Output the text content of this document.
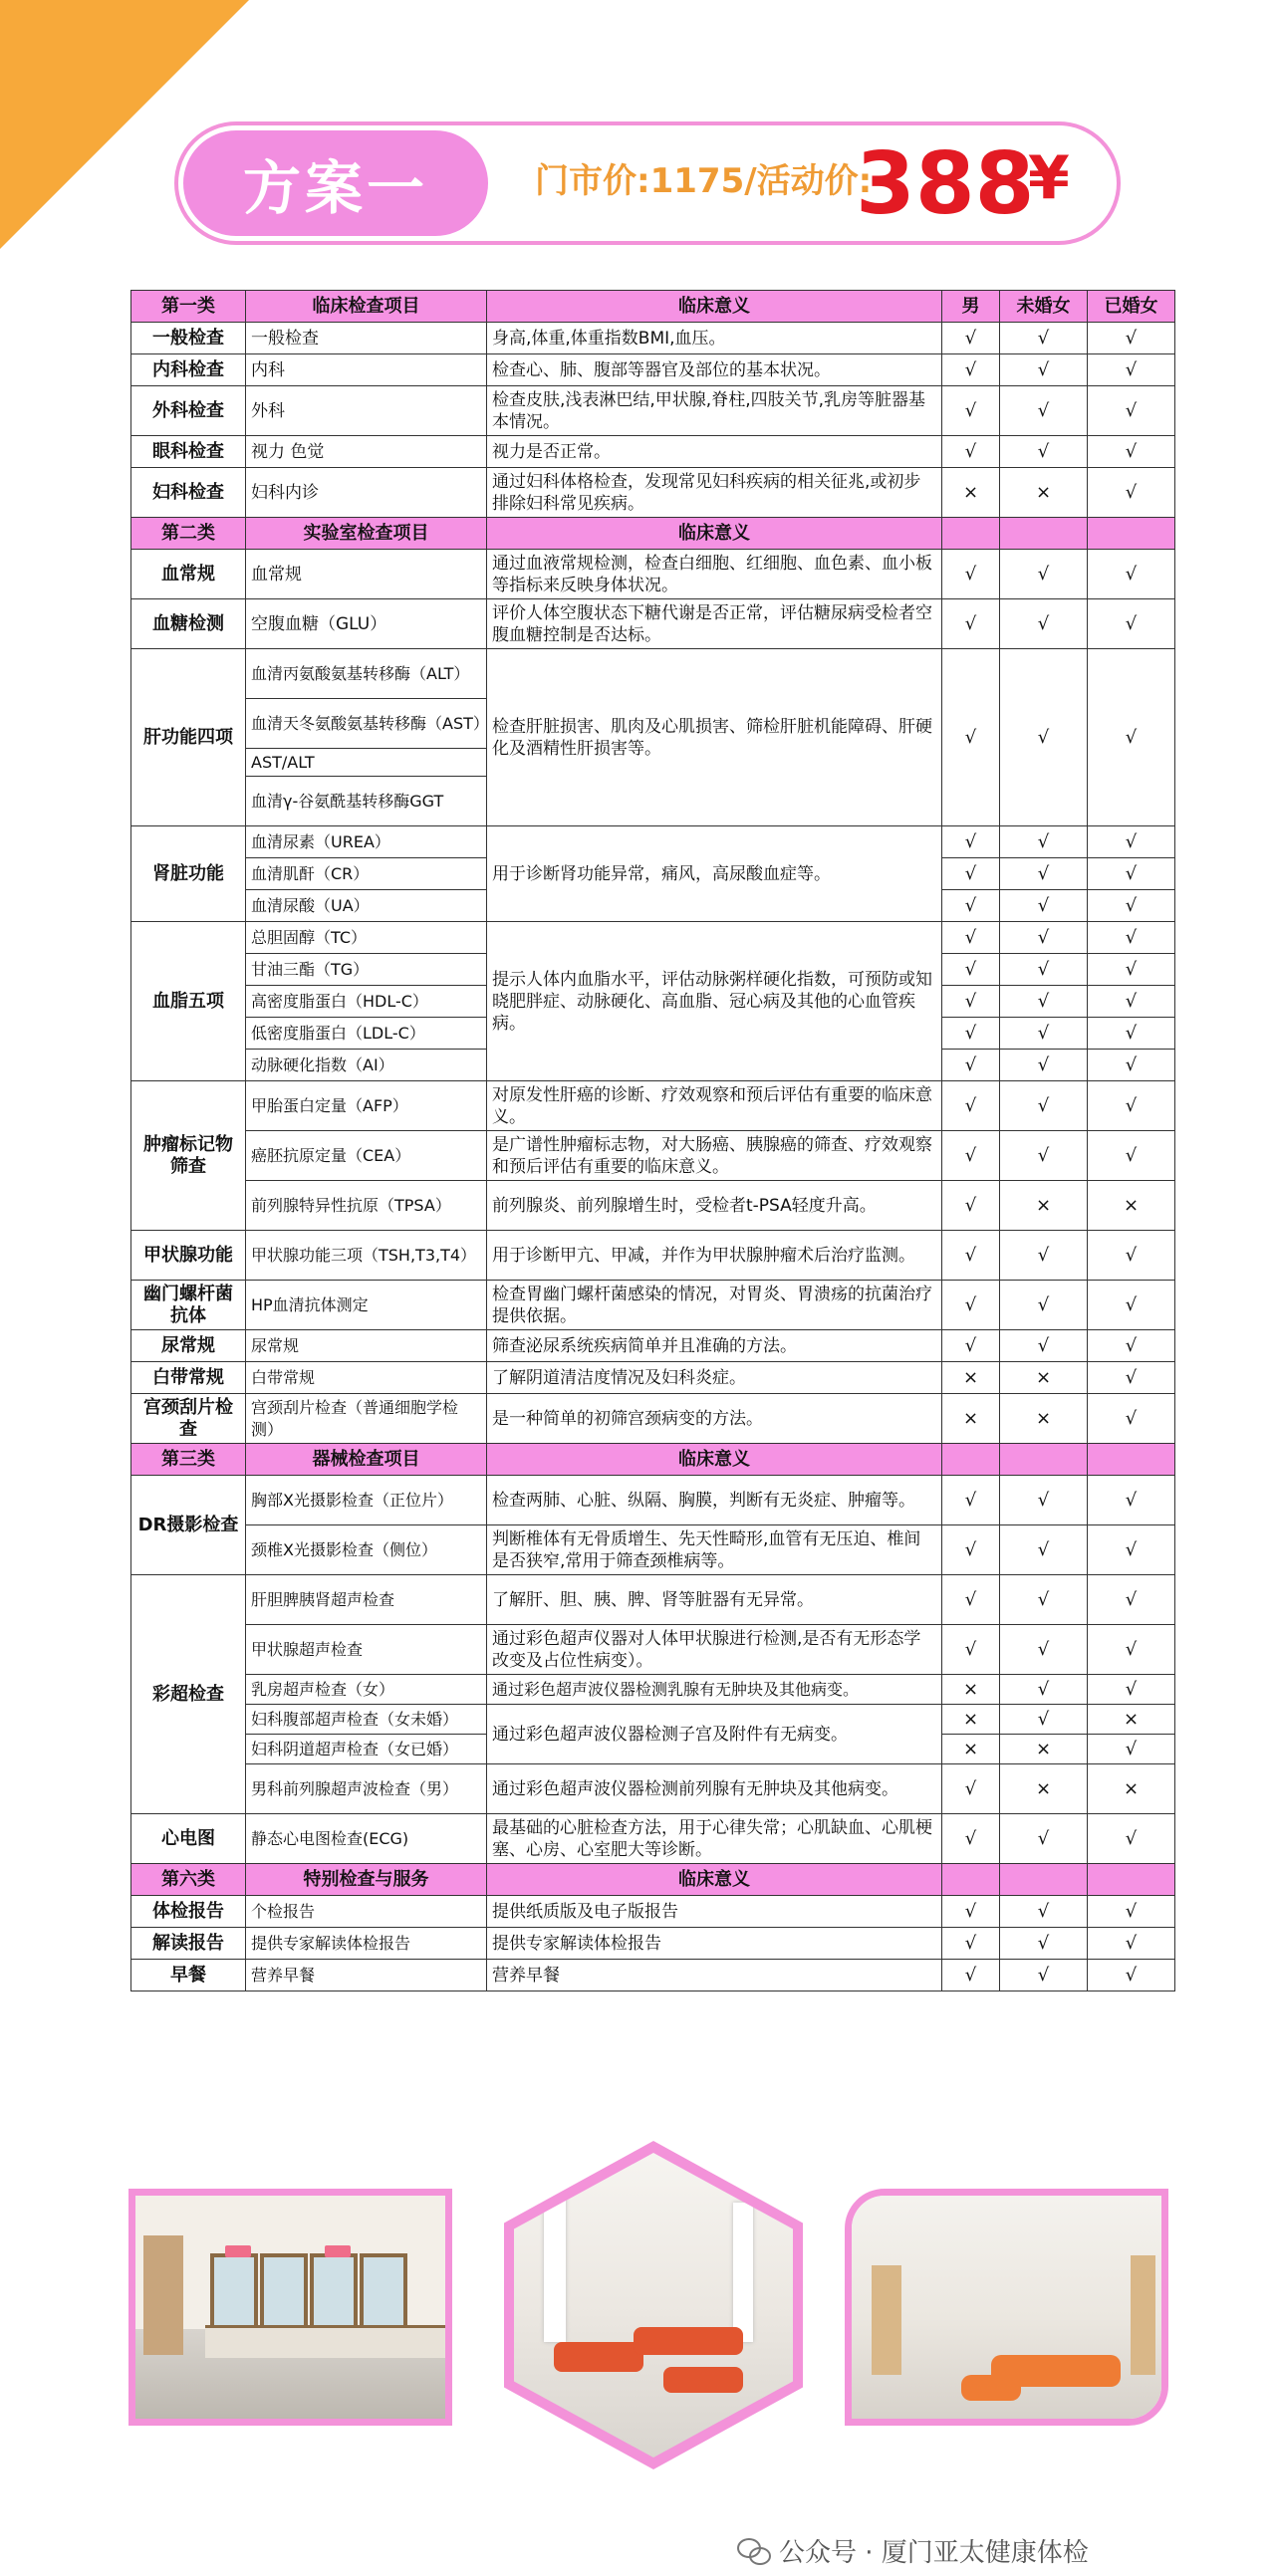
方案一	门市价:1175/活动价:
388
¥
第一类	临床检查项目	临床意义	男	未婚女	已婚女
一般检查	一般检查	身高,体重,体重指数BMI,血压。	√	√	√
内科检查	内科	检查心、肺、腹部等器官及部位的基本状况。	√	√	√
外科检查	外科	检查皮肤,浅表淋巴结,甲状腺,脊柱,四肢关节,乳房等脏器基本情况。	√	√	√
眼科检查	视力 色觉	视力是否正常。	√	√	√
妇科检查	妇科内诊	通过妇科体格检查，发现常见妇科疾病的相关征兆,或初步排除妇科常见疾病。	×	×	√
第二类	实验室检查项目	临床意义			
血常规	血常规	通过血液常规检测，检查白细胞、红细胞、血色素、血小板等指标来反映身体状况。	√	√	√
血糖检测	空腹血糖（GLU）	评价人体空腹状态下糖代谢是否正常，评估糖尿病受检者空腹血糖控制是否达标。	√	√	√
肝功能四项	血清丙氨酸氨基转移酶（ALT）	检查肝脏损害、肌肉及心肌损害、筛检肝脏机能障碍、肝硬化及酒精性肝损害等。	√	√	√
	血清天冬氨酸氨基转移酶（AST）				
	AST/ALT				
	血清γ-谷氨酰基转移酶GGT				
肾脏功能	血清尿素（UREA）	用于诊断肾功能异常，痛风，高尿酸血症等。	√	√	√
	血清肌酐（CR）		√	√	√
	血清尿酸（UA）		√	√	√
血脂五项	总胆固醇（TC）	提示人体内血脂水平，评估动脉粥样硬化指数，可预防或知晓肥胖症、动脉硬化、高血脂、冠心病及其他的心血管疾病。	√	√	√
	甘油三酯（TG）		√	√	√
	高密度脂蛋白（HDL-C）		√	√	√
	低密度脂蛋白（LDL-C）		√	√	√
	动脉硬化指数（AI）		√	√	√
肿瘤标记物筛查	甲胎蛋白定量（AFP）	对原发性肝癌的诊断、疗效观察和预后评估有重要的临床意义。	√	√	√
	癌胚抗原定量（CEA）	是广谱性肿瘤标志物，对大肠癌、胰腺癌的筛查、疗效观察和预后评估有重要的临床意义。	√	√	√
	前列腺特异性抗原（TPSA）	前列腺炎、前列腺增生时，受检者t-PSA轻度升高。	√	×	×
甲状腺功能	甲状腺功能三项（TSH,T3,T4）	用于诊断甲亢、甲减，并作为甲状腺肿瘤术后治疗监测。	√	√	√
幽门螺杆菌抗体	HP血清抗体测定	检查胃幽门螺杆菌感染的情况，对胃炎、胃溃疡的抗菌治疗提供依据。	√	√	√
尿常规	尿常规	筛查泌尿系统疾病简单并且准确的方法。	√	√	√
白带常规	白带常规	了解阴道清洁度情况及妇科炎症。	×	×	√
宫颈刮片检查	宫颈刮片检查（普通细胞学检测）	是一种简单的初筛宫颈病变的方法。	×	×	√
第三类	器械检查项目	临床意义			
DR摄影检查	胸部X光摄影检查（正位片）	检查两肺、心脏、纵隔、胸膜，判断有无炎症、肿瘤等。	√	√	√
	颈椎X光摄影检查（侧位）	判断椎体有无骨质增生、先天性畸形,血管有无压迫、椎间是否狭窄,常用于筛查颈椎病等。	√	√	√
彩超检查	肝胆脾胰肾超声检查	了解肝、胆、胰、脾、肾等脏器有无异常。	√	√	√
	甲状腺超声检查	通过彩色超声仪器对人体甲状腺进行检测,是否有无形态学改变及占位性病变）。	√	√	√
	乳房超声检查（女）	通过彩色超声波仪器检测乳腺有无肿块及其他病变。	×	√	√
	妇科腹部超声检查（女未婚）	通过彩色超声波仪器检测子宫及附件有无病变。	×	√	×
	妇科阴道超声检查（女已婚）		×	×	√
	男科前列腺超声波检查（男）	通过彩色超声波仪器检测前列腺有无肿块及其他病变。	√	×	×
心电图	静态心电图检查(ECG)	最基础的心脏检查方法，用于心律失常；心肌缺血、心肌梗塞、心房、心室肥大等诊断。	√	√	√
第六类	特别检查与服务	临床意义			
体检报告	个检报告	提供纸质版及电子版报告	√	√	√
解读报告	提供专家解读体检报告	提供专家解读体检报告	√	√	√
早餐	营养早餐	营养早餐	√	√	√
公众号 · 厦门亚太健康体检
